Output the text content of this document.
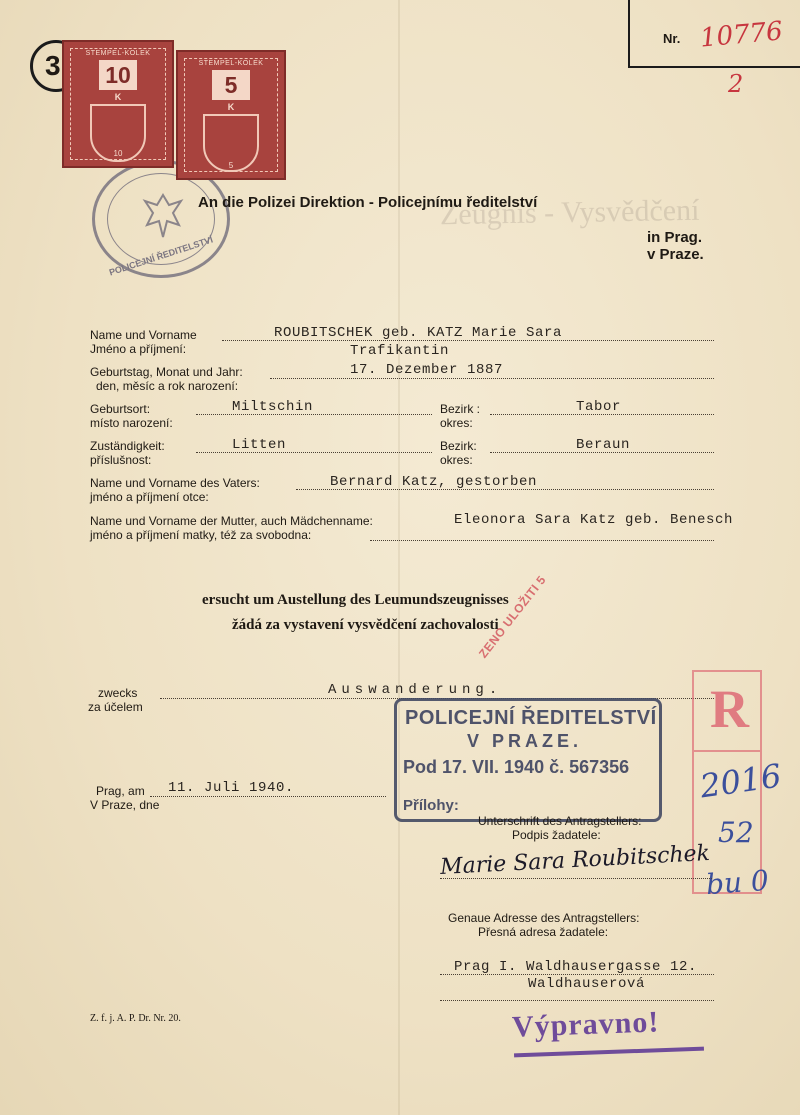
Zeugnis - Vysvědčení
Nr. 10776
2
3
POLICEJNÍ ŘEDITELSTVÍ
STEMPEL-KOLEK
10
K
10
STEMPEL-KOLEK
5
K
5
An die Polizei Direktion - Policejnímu ředitelství
in Prag.
v Praze.
Name und Vorname
Jméno a příjmení:
ROUBITSCHEK geb. KATZ Marie Sara
Trafikantin
Geburtstag, Monat und Jahr:
den, měsíc a rok narození:
17. Dezember 1887
Geburtsort:
místo narození:
Miltschin	Bezirk :
okres:
Tabor
Zuständigkeit:
příslušnost:
Litten	Bezirk:
okres:
Beraun
Name und Vorname des Vaters:
jméno a příjmení otce:
Bernard Katz, gestorben
Name und Vorname der Mutter, auch Mädchenname:
jméno a příjmení matky, též za svobodna:
Eleonora Sara Katz geb. Benesch
ersucht um Austellung des Leumundszeugnisses
žádá za vystavení vysvědčení zachovalosti
zwecks
za účelem
Auswanderung.
Prag, am
V Praze, dne
11. Juli 1940.
ZENO ULOŽITI 5
POLICEJNÍ ŘEDITELSTVÍ
V PRAZE.
Pod 17. VII. 1940 č. 567356
Přílohy:
R
2016
52
bu 0
Unterschrift des Antragstellers:
Podpis žadatele:
Marie Sara Roubitschek
Genaue Adresse des Antragstellers:
Přesná adresa žadatele:
Prag I. Waldhausergasse 12.
Waldhauserová
Z. f. j. A. P. Dr. Nr. 20.	Výpravno!
